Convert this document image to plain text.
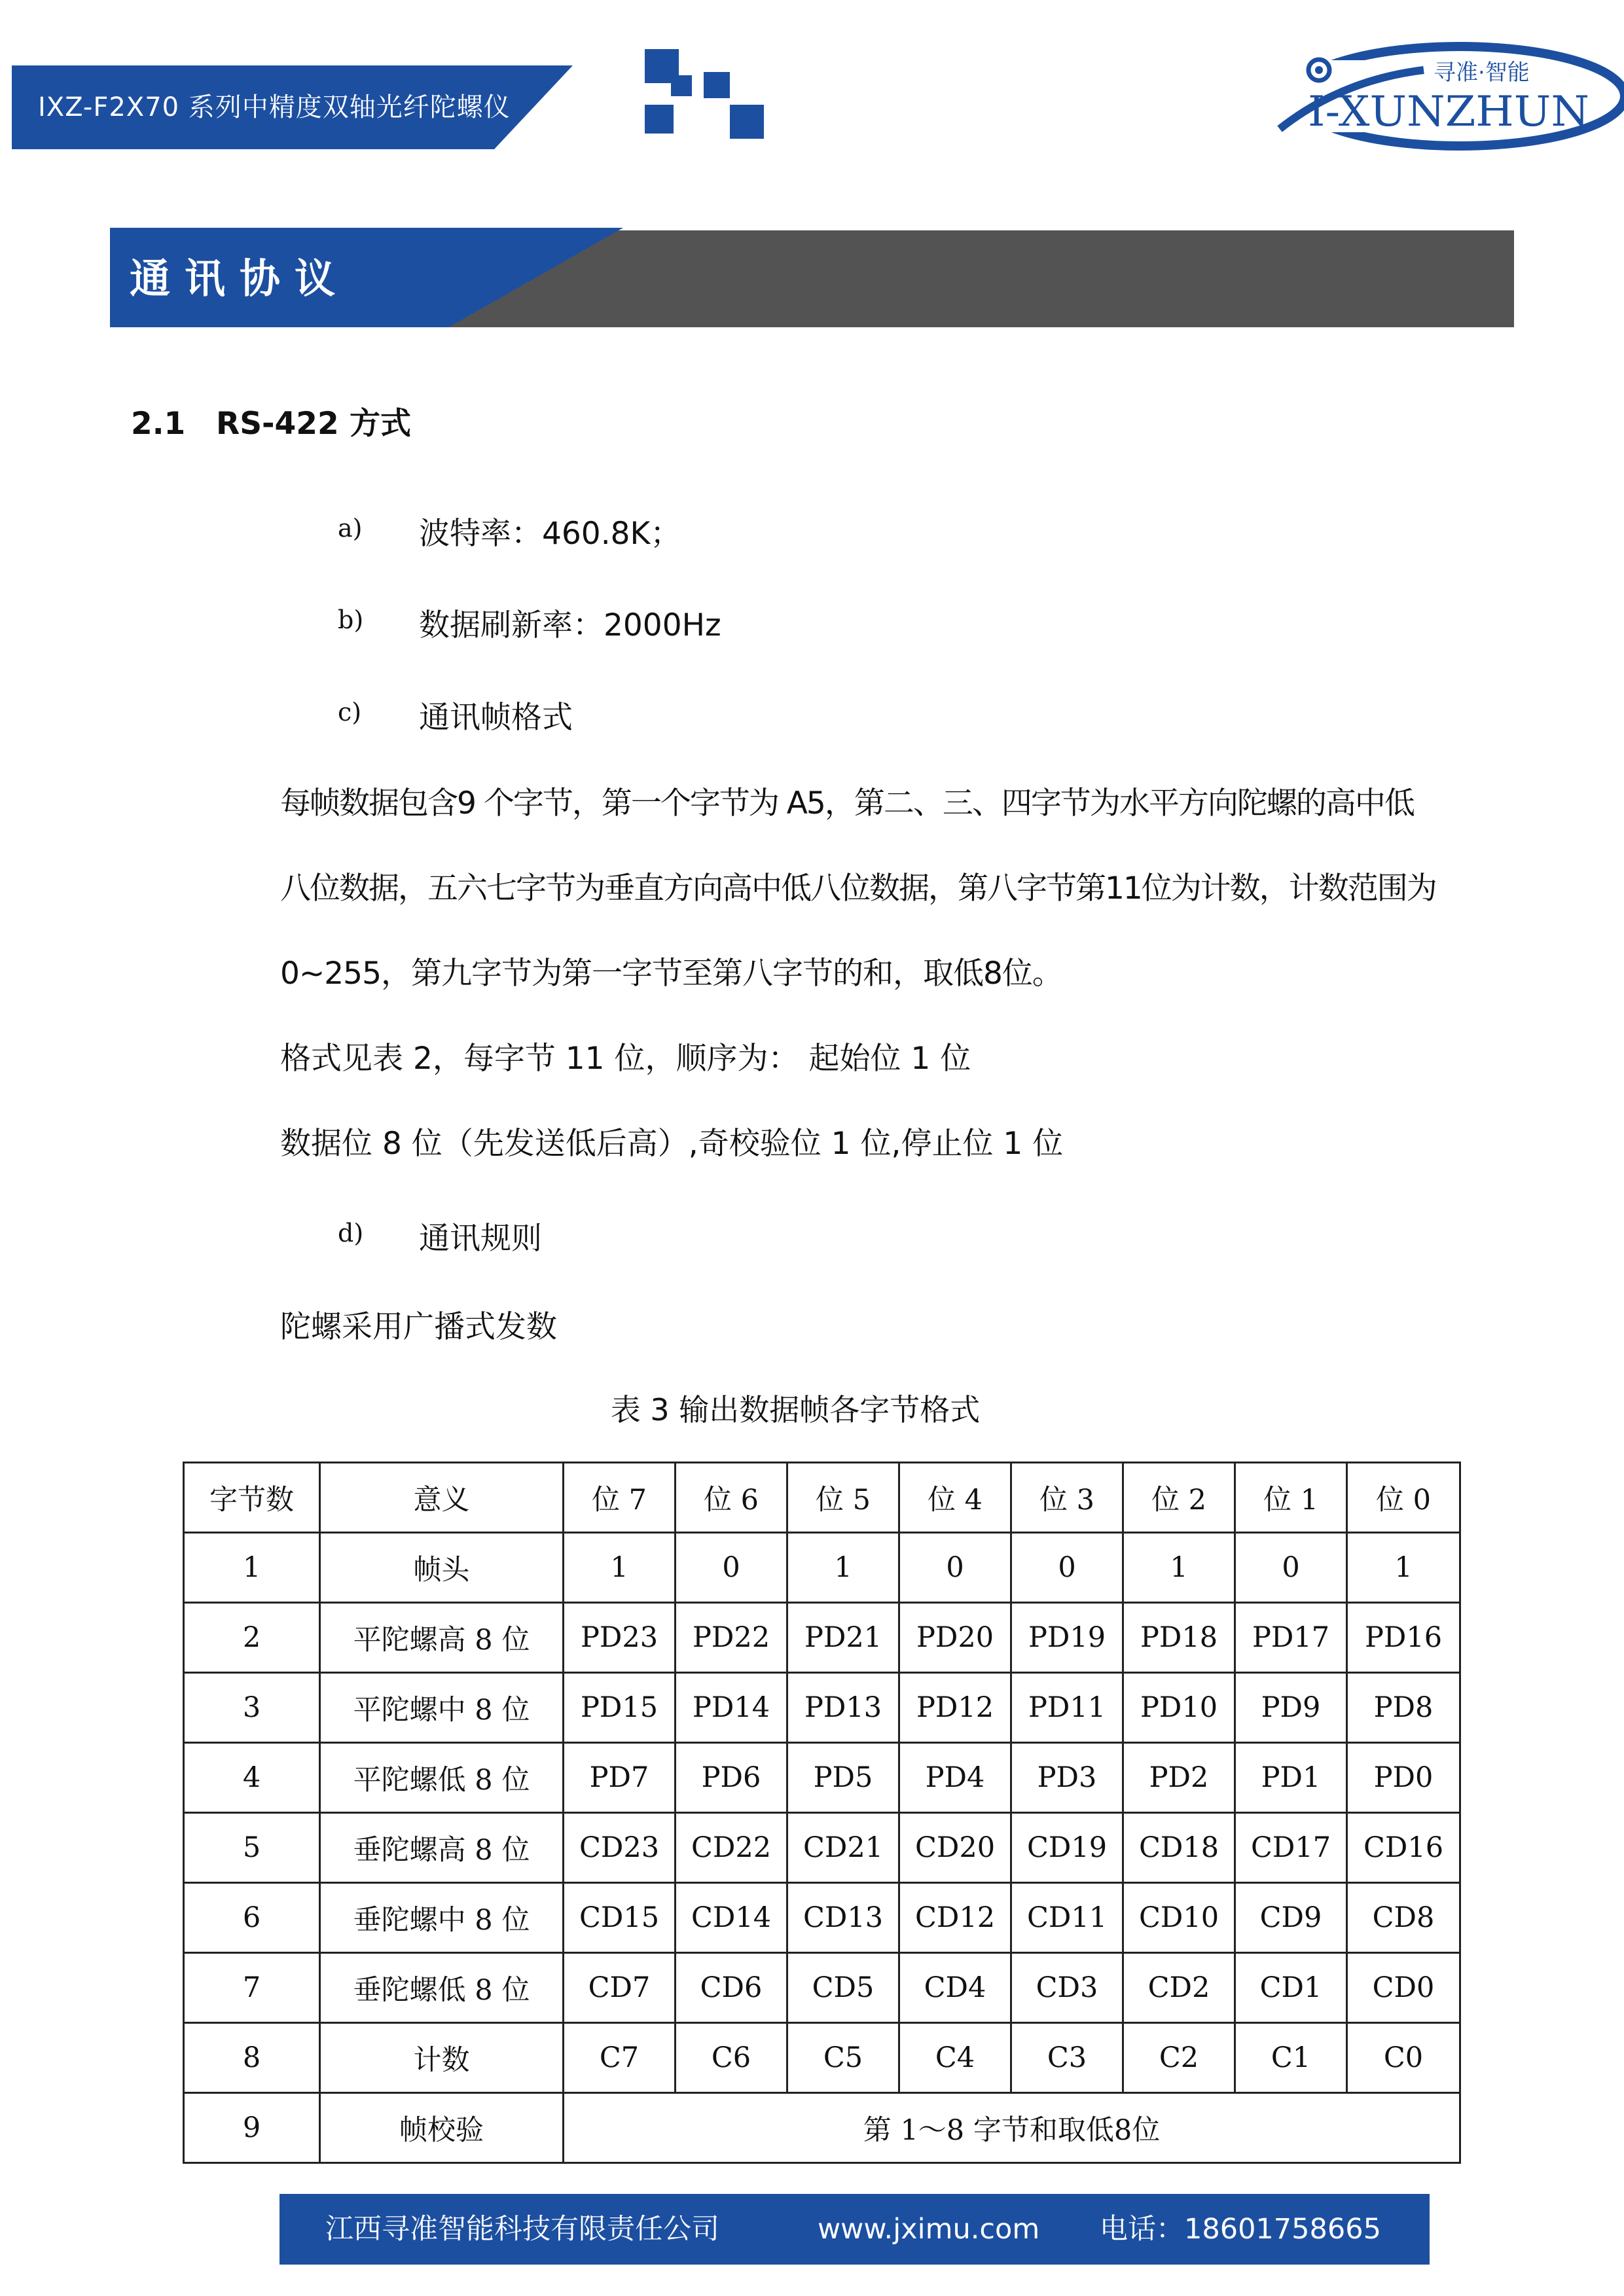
IXZ-F2X70 系列中精度双轴光纤陀螺仪
寻准·智能
I-XUNZHUN
通讯协议
2.1 RS-422 方式
a) 波特率：460.8K；
b) 数据刷新率：2000Hz
c) 通讯帧格式
每帧数据包含9 个字节，第一个字节为 A5，第二、三、四字节为水平方向陀螺的高中低
八位数据，五六七字节为垂直方向高中低八位数据，第八字节第11位为计数，计数范围为
0~255，第九字节为第一字节至第八字节的和，取低8位。
格式见表 2，每字节 11 位，顺序为： 起始位 1 位
数据位 8 位（先发送低后高）,奇校验位 1 位,停止位 1 位
d) 通讯规则
陀螺采用广播式发数
表 3 输出数据帧各字节格式
字节数	意义	位 7	位 6	位 5	位 4	位 3	位 2	位 1	位 0
1	帧头	1	0	1	0	0	1	0	1
2	平陀螺高 8 位	PD23	PD22	PD21	PD20	PD19	PD18	PD17	PD16
3	平陀螺中 8 位	PD15	PD14	PD13	PD12	PD11	PD10	PD9	PD8
4	平陀螺低 8 位	PD7	PD6	PD5	PD4	PD3	PD2	PD1	PD0
5	垂陀螺高 8 位	CD23	CD22	CD21	CD20	CD19	CD18	CD17	CD16
6	垂陀螺中 8 位	CD15	CD14	CD13	CD12	CD11	CD10	CD9	CD8
7	垂陀螺低 8 位	CD7	CD6	CD5	CD4	CD3	CD2	CD1	CD0
8	计数	C7	C6	C5	C4	C3	C2	C1	C0
9	帧校验	第 1～8 字节和取低8位							
江西寻准智能科技有限责任公司	www.jximu.com 电话：18601758665
